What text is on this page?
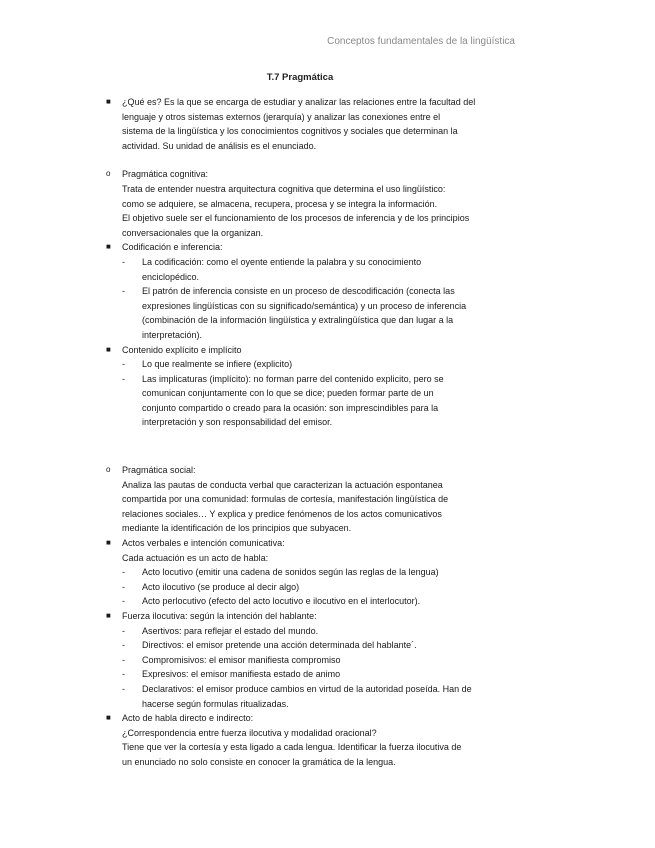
Conceptos fundamentales de la lingüística
T.7 Pragmática
■	¿Qué es? Es la que se encarga de estudiar y analizar las relaciones entre la facultad del
lenguaje y otros sistemas externos (jerarquía) y analizar las conexiones entre el
sistema de la lingüística y los conocimientos cognitivos y sociales que determinan la
actividad. Su unidad de análisis es el enunciado.
o	Pragmática cognitiva:
Trata de entender nuestra arquitectura cognitiva que determina el uso lingüístico:
como se adquiere, se almacena, recupera, procesa y se integra la información.
El objetivo suele ser el funcionamiento de los procesos de inferencia y de los principios
conversacionales que la organizan.
■	Codificación e inferencia:
- La codificación: como el oyente entiende la palabra y su conocimiento
enciclopédico.
- El patrón de inferencia consiste en un proceso de descodificación (conecta las
expresiones lingüísticas con su significado/semántica) y un proceso de inferencia
(combinación de la información lingüística y extralingüística que dan lugar a la
interpretación).
■	Contenido explícito e implícito
- Lo que realmente se infiere (explicito)
- Las implicaturas (implícito): no forman parre del contenido explicito, pero se
comunican conjuntamente con lo que se dice; pueden formar parte de un
conjunto compartido o creado para la ocasión: son imprescindibles para la
interpretación y son responsabilidad del emisor.
o	Pragmática social:
Analiza las pautas de conducta verbal que caracterizan la actuación espontanea
compartida por una comunidad: formulas de cortesía, manifestación lingüística de
relaciones sociales… Y explica y predice fenómenos de los actos comunicativos
mediante la identificación de los principios que subyacen.
■	Actos verbales e intención comunicativa:
Cada actuación es un acto de habla:
- Acto locutivo (emitir una cadena de sonidos según las reglas de la lengua)
- Acto ilocutivo (se produce al decir algo)
- Acto perlocutivo (efecto del acto locutivo e ilocutivo en el interlocutor).
■	Fuerza ilocutiva: según la intención del hablante:
- Asertivos: para reflejar el estado del mundo.
- Directivos: el emisor pretende una acción determinada del hablante´.
- Compromisivos: el emisor manifiesta compromiso
- Expresivos: el emisor manifiesta estado de animo
- Declarativos: el emisor produce cambios en virtud de la autoridad poseída. Han de
hacerse según formulas ritualizadas.
■	Acto de habla directo e indirecto:
¿Correspondencia entre fuerza ilocutiva y modalidad oracional?
Tiene que ver la cortesía y esta ligado a cada lengua. Identificar la fuerza ilocutiva de
un enunciado no solo consiste en conocer la gramática de la lengua.
